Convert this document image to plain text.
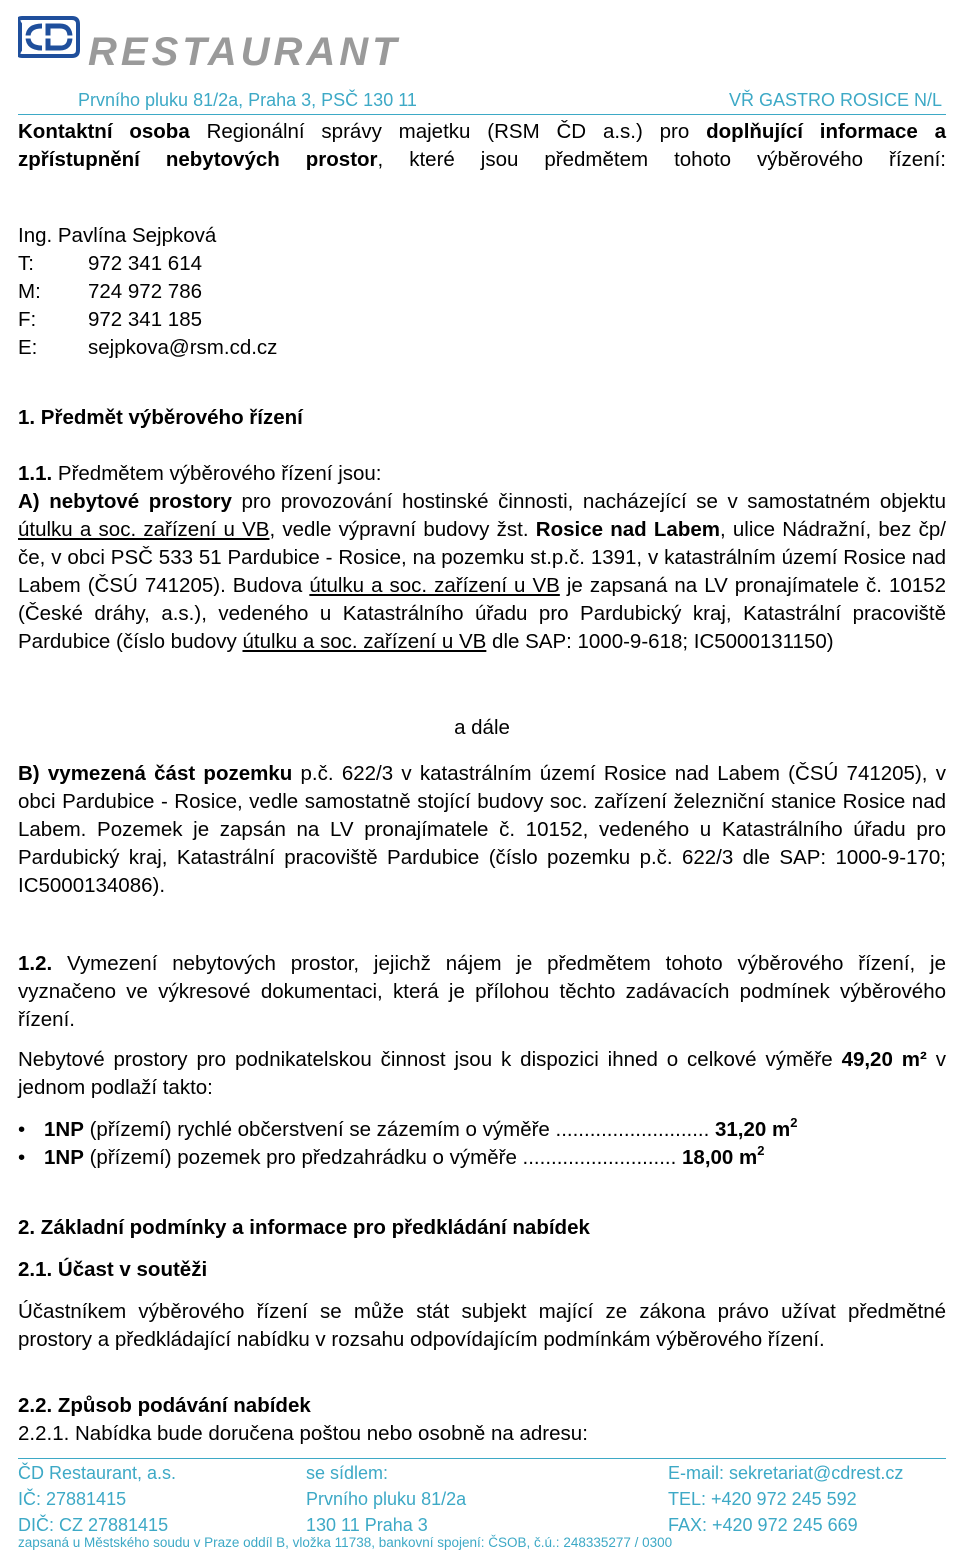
RESTAURANT
Prvního pluku 81/2a, Praha 3, PSČ 130 11	VŘ GASTRO ROSICE N/L
Kontaktní osoba Regionální správy majetku (RSM ČD a.s.) pro doplňující informace a zpřístupnění nebytových prostor, které jsou předmětem tohoto výběrového řízení:
Ing. Pavlína Sejpková
T:	972 341 614
M: 724 972 786
F:	972 341 185
E: sejpkova@rsm.cd.cz
1. Předmět výběrového řízení
1.1. Předmětem výběrového řízení jsou:
A) nebytové prostory pro provozování hostinské činnosti, nacházející se v samostatném objektu útulku a soc. zařízení u VB, vedle výpravní budovy žst. Rosice nad Labem, ulice Nádražní, bez čp/če, v obci PSČ 533 51 Pardubice - Rosice, na pozemku st.p.č. 1391, v katastrálním území Rosice nad Labem (ČSÚ 741205). Budova útulku a soc. zařízení u VB je zapsaná na LV pronajímatele č. 10152 (České dráhy, a.s.), vedeného u Katastrálního úřadu pro Pardubický kraj, Katastrální pracoviště Pardubice (číslo budovy útulku a soc. zařízení u VB dle SAP: 1000-9-618; IC5000131150)
a dále
B) vymezená část pozemku p.č. 622/3 v katastrálním území Rosice nad Labem (ČSÚ 741205), v obci Pardubice - Rosice, vedle samostatně stojící budovy soc. zařízení železniční stanice Rosice nad Labem. Pozemek je zapsán na LV pronajímatele č. 10152, vedeného u Katastrálního úřadu pro Pardubický kraj, Katastrální pracoviště Pardubice (číslo pozemku p.č. 622/3 dle SAP: 1000-9-170; IC5000134086).
1.2. Vymezení nebytových prostor, jejichž nájem je předmětem tohoto výběrového řízení, je vyznačeno ve výkresové dokumentaci, která je přílohou těchto zadávacích podmínek výběrového řízení.
Nebytové prostory pro podnikatelskou činnost jsou k dispozici ihned o celkové výměře 49,20 m² v jednom podlaží takto:
• 1NP (přízemí) rychlé občerstvení se zázemím o výměře ........................... 31,20 $m^2$
• 1NP (přízemí) pozemek pro předzahrádku o výměře ........................... 18,00 $m^2$
2. Základní podmínky a informace pro předkládání nabídek
2.1. Účast v soutěži
Účastníkem výběrového řízení se může stát subjekt mající ze zákona právo užívat předmětné prostory a předkládající nabídku v rozsahu odpovídajícím podmínkám výběrového řízení.
2.2. Způsob podávání nabídek
2.2.1. Nabídka bude doručena poštou nebo osobně na adresu:
ČD Restaurant, a.s.
IČ: 27881415
DIČ: CZ 27881415
se sídlem:
Prvního pluku 81/2a
130 11 Praha 3
E-mail: sekretariat@cdrest.cz
TEL: +420 972 245 592
FAX: +420 972 245 669
zapsaná u Městského soudu v Praze oddíl B, vložka 11738, bankovní spojení: ČSOB, č.ú.: 248335277 / 0300
